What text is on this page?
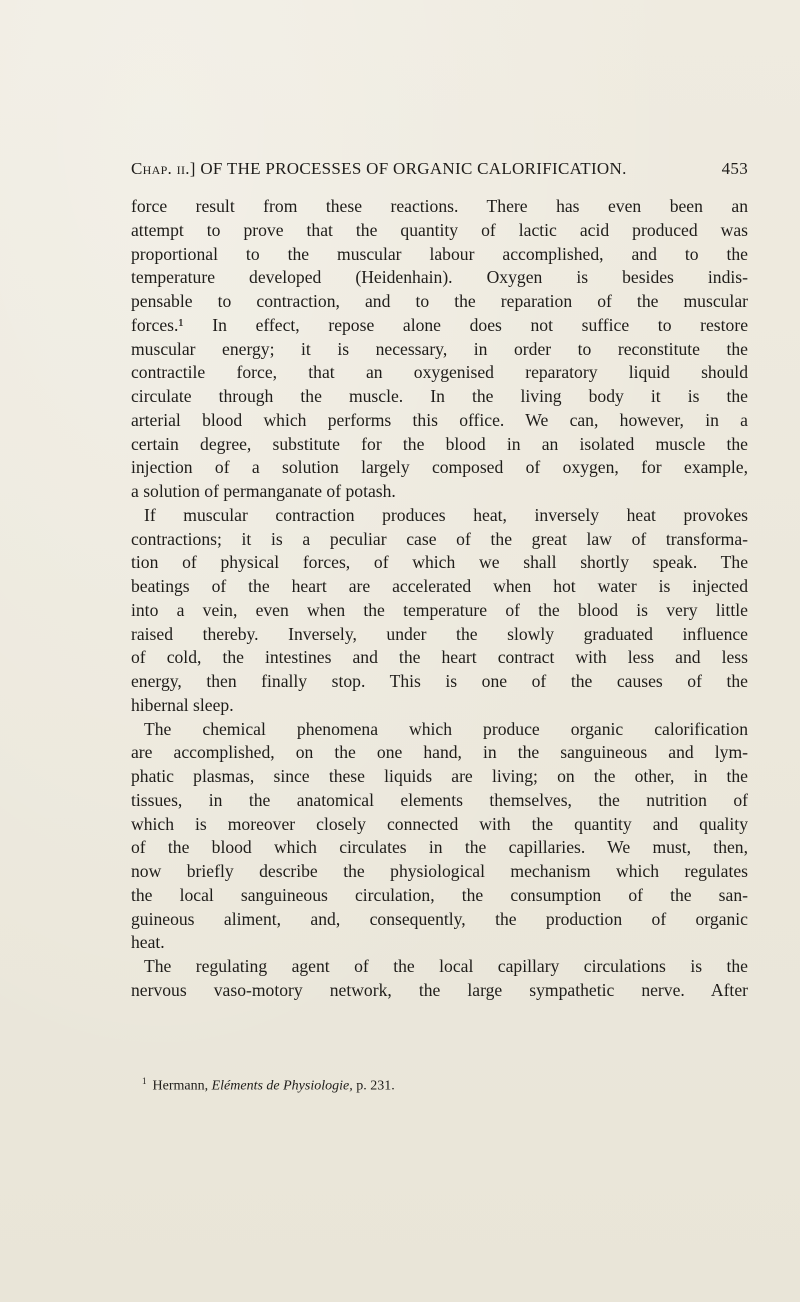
Chap. ii.] OF THE PROCESSES OF ORGANIC CALORIFICATION.	453
force result from these reactions. There has even been an
attempt to prove that the quantity of lactic acid produced was
proportional to the muscular labour accomplished, and to the
temperature developed (Heidenhain). Oxygen is besides indis-
pensable to contraction, and to the reparation of the muscular
forces.¹ In effect, repose alone does not suffice to restore
muscular energy; it is necessary, in order to reconstitute the
contractile force, that an oxygenised reparatory liquid should
circulate through the muscle. In the living body it is the
arterial blood which performs this office. We can, however, in a
certain degree, substitute for the blood in an isolated muscle the
injection of a solution largely composed of oxygen, for example,
a solution of permanganate of potash.
If muscular contraction produces heat, inversely heat provokes
contractions; it is a peculiar case of the great law of transforma-
tion of physical forces, of which we shall shortly speak. The
beatings of the heart are accelerated when hot water is injected
into a vein, even when the temperature of the blood is very little
raised thereby. Inversely, under the slowly graduated influence
of cold, the intestines and the heart contract with less and less
energy, then finally stop. This is one of the causes of the
hibernal sleep.
The chemical phenomena which produce organic calorification
are accomplished, on the one hand, in the sanguineous and lym-
phatic plasmas, since these liquids are living; on the other, in the
tissues, in the anatomical elements themselves, the nutrition of
which is moreover closely connected with the quantity and quality
of the blood which circulates in the capillaries. We must, then,
now briefly describe the physiological mechanism which regulates
the local sanguineous circulation, the consumption of the san-
guineous aliment, and, consequently, the production of organic
heat.
The regulating agent of the local capillary circulations is the
nervous vaso-motory network, the large sympathetic nerve. After
$^1$ Hermann, Eléments de Physiologie, p. 231.
